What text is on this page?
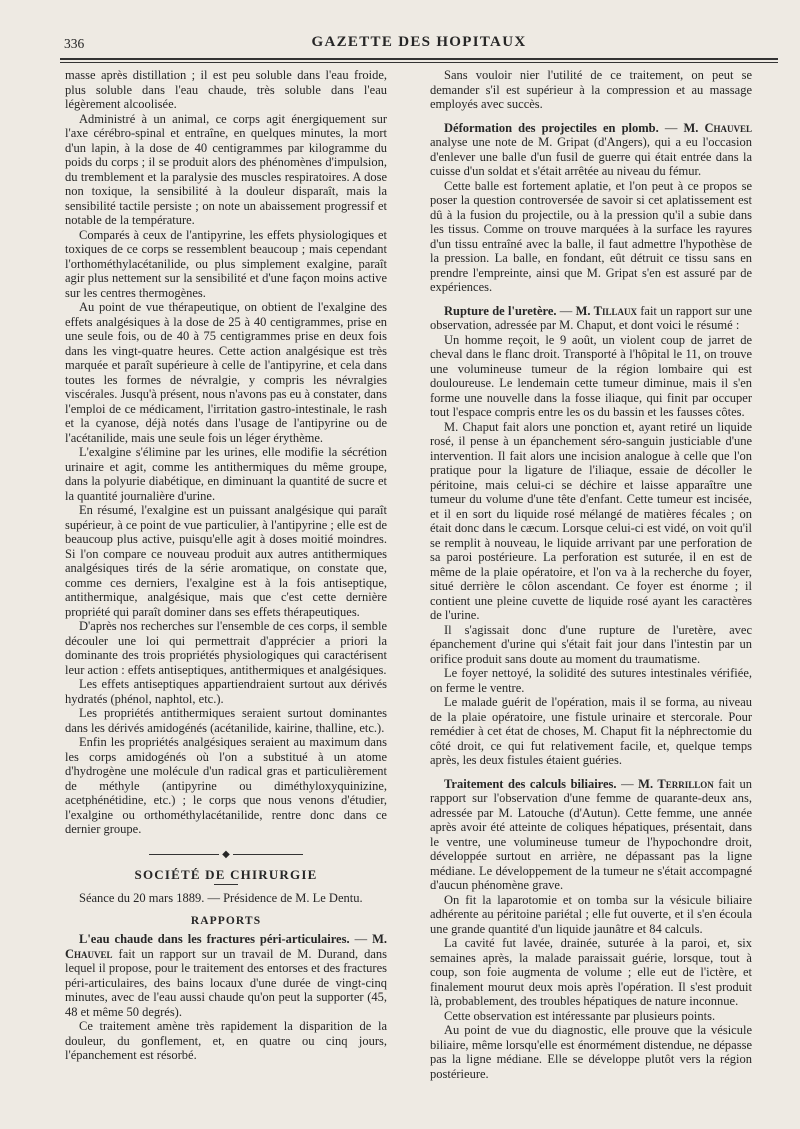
336	GAZETTE DES HOPITAUX

masse après distillation ; il est peu soluble dans l'eau froide, plus soluble dans l'eau chaude, très soluble dans l'eau légèrement alcoolisée.

Administré à un animal, ce corps agit énergiquement sur l'axe cérébro-spinal et entraîne, en quelques minutes, la mort d'un lapin, à la dose de 40 centigrammes par kilogramme du poids du corps ; il se produit alors des phénomènes d'impulsion, du tremblement et la paralysie des muscles respiratoires. A dose non toxique, la sensibilité à la douleur disparaît, mais la sensibilité tactile persiste ; on note un abaissement progressif et notable de la température.

Comparés à ceux de l'antipyrine, les effets physiologiques et toxiques de ce corps se ressemblent beaucoup ; mais cependant l'orthométhylacétanilide, ou plus simplement exalgine, paraît agir plus nettement sur la sensibilité et d'une façon moins active sur les centres thermogènes.

Au point de vue thérapeutique, on obtient de l'exalgine des effets analgésiques à la dose de 25 à 40 centigrammes, prise en une seule fois, ou de 40 à 75 centigrammes prise en deux fois dans les vingt-quatre heures. Cette action analgésique est très marquée et paraît supérieure à celle de l'antipyrine, et cela dans toutes les formes de névralgie, y compris les névralgies viscérales. Jusqu'à présent, nous n'avons pas eu à constater, dans l'emploi de ce médicament, l'irritation gastro-intestinale, le rash et la cyanose, déjà notés dans l'usage de l'antipyrine ou de l'acétanilide, mais une seule fois un léger érythème.

L'exalgine s'élimine par les urines, elle modifie la sécrétion urinaire et agit, comme les antithermiques du même groupe, dans la polyurie diabétique, en diminuant la quantité de sucre et la quantité journalière d'urine.

En résumé, l'exalgine est un puissant analgésique qui paraît supérieur, à ce point de vue particulier, à l'antipyrine ; elle est de beaucoup plus active, puisqu'elle agit à doses moitié moindres. Si l'on compare ce nouveau produit aux autres antithermiques analgésiques tirés de la série aromatique, on constate que, comme ces derniers, l'exalgine est à la fois antiseptique, antithermique, analgésique, mais que c'est cette dernière propriété qui paraît dominer dans ses effets thérapeutiques.

D'après nos recherches sur l'ensemble de ces corps, il semble découler une loi qui permettrait d'apprécier a priori la dominante des trois propriétés physiologiques qui caractérisent leur action : effets antiseptiques, antithermiques et analgésiques.

Les effets antiseptiques appartiendraient surtout aux dérivés hydratés (phénol, naphtol, etc.).

Les propriétés antithermiques seraient surtout dominantes dans les dérivés amidogénés (acétanilide, kairine, thalline, etc.).

Enfin les propriétés analgésiques seraient au maximum dans les corps amidogénés où l'on a substitué à un atome d'hydrogène une molécule d'un radical gras et particulièrement de méthyle (antipyrine ou diméthyloxyquinizine, acetphénétidine, etc.) ; le corps que nous venons d'étudier, l'exalgine ou orthométhylacétanilide, rentre donc dans ce dernier groupe.

◆

SOCIÉTÉ DE CHIRURGIE

Séance du 20 mars 1889. — Présidence de M. Le Dentu.

RAPPORTS

L'eau chaude dans les fractures péri-articulaires. — M. Chauvel fait un rapport sur un travail de M. Durand, dans lequel il propose, pour le traitement des entorses et des fractures péri-articulaires, des bains locaux d'une durée de vingt-cinq minutes, avec de l'eau aussi chaude qu'on peut la supporter (45, 48 et même 50 degrés).

Ce traitement amène très rapidement la disparition de la douleur, du gonflement, et, en quatre ou cinq jours, l'épanchement est résorbé.

Sans vouloir nier l'utilité de ce traitement, on peut se demander s'il est supérieur à la compression et au massage employés avec succès.

Déformation des projectiles en plomb. — M. Chauvel analyse une note de M. Gripat (d'Angers), qui a eu l'occasion d'enlever une balle d'un fusil de guerre qui était entrée dans la cuisse d'un soldat et s'était arrêtée au niveau du fémur.

Cette balle est fortement aplatie, et l'on peut à ce propos se poser la question controversée de savoir si cet aplatissement est dû à la fusion du projectile, ou à la pression qu'il a subie dans les tissus. Comme on trouve marquées à la surface les rayures d'un tissu entraîné avec la balle, il faut admettre l'hypothèse de la pression. La balle, en fondant, eût détruit ce tissu sans en prendre l'empreinte, ainsi que M. Gripat s'en est assuré par de expériences.

Rupture de l'uretère. — M. Tillaux fait un rapport sur une observation, adressée par M. Chaput, et dont voici le résumé :

Un homme reçoit, le 9 août, un violent coup de jarret de cheval dans le flanc droit. Transporté à l'hôpital le 11, on trouve une volumineuse tumeur de la région lombaire qui est douloureuse. Le lendemain cette tumeur diminue, mais il s'en forme une nouvelle dans la fosse iliaque, qui finit par occuper tout l'espace compris entre les os du bassin et les fausses côtes.

M. Chaput fait alors une ponction et, ayant retiré un liquide rosé, il pense à un épanchement séro-sanguin justiciable d'une intervention. Il fait alors une incision analogue à celle que l'on pratique pour la ligature de l'iliaque, essaie de décoller le péritoine, mais celui-ci se déchire et laisse apparaître une tumeur du volume d'une tête d'enfant. Cette tumeur est incisée, et il en sort du liquide rosé mélangé de matières fécales ; on était donc dans le cæcum. Lorsque celui-ci est vidé, on voit qu'il se remplit à nouveau, le liquide arrivant par une perforation de sa paroi postérieure. La perforation est suturée, il en est de même de la plaie opératoire, et l'on va à la recherche du foyer, situé derrière le côlon ascendant. Ce foyer est énorme ; il contient une pleine cuvette de liquide rosé ayant les caractères de l'urine.

Il s'agissait donc d'une rupture de l'uretère, avec épanchement d'urine qui s'était fait jour dans l'intestin par un orifice produit sans doute au moment du traumatisme.

Le foyer nettoyé, la solidité des sutures intestinales vérifiée, on ferme le ventre.

Le malade guérit de l'opération, mais il se forma, au niveau de la plaie opératoire, une fistule urinaire et stercorale. Pour remédier à cet état de choses, M. Chaput fit la néphrectomie du côté droit, ce qui fut relativement facile, et, quelque temps après, les deux fistules étaient guéries.

Traitement des calculs biliaires. — M. Terrillon fait un rapport sur l'observation d'une femme de quarante-deux ans, adressée par M. Latouche (d'Autun). Cette femme, une année après avoir été atteinte de coliques hépatiques, présentait, dans le ventre, une volumineuse tumeur de l'hypochondre droit, développée surtout en arrière, ne dépassant pas la ligne médiane. Le développement de la tumeur ne s'était accompagné d'aucun phénomène grave.

On fit la laparotomie et on tomba sur la vésicule biliaire adhérente au péritoine pariétal ; elle fut ouverte, et il s'en écoula une grande quantité d'un liquide jaunâtre et 84 calculs.

La cavité fut lavée, drainée, suturée à la paroi, et, six semaines après, la malade paraissait guérie, lorsque, tout à coup, son foie augmenta de volume ; elle eut de l'ictère, et finalement mourut deux mois après l'opération. Il s'est produit là, probablement, des troubles hépatiques de nature inconnue.

Cette observation est intéressante par plusieurs points.

Au point de vue du diagnostic, elle prouve que la vésicule biliaire, même lorsqu'elle est énormément distendue, ne dépasse pas la ligne médiane. Elle se développe plutôt vers la région postérieure.
